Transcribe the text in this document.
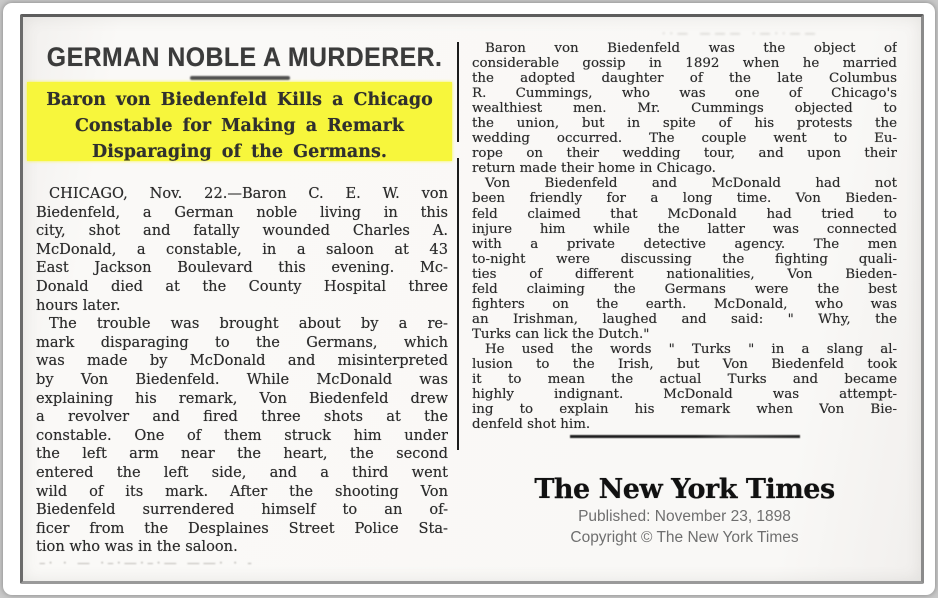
GERMAN NOBLE A MURDERER.
Baron von Biedenfeld Kills a Chicago
Constable for Making a Remark
Disparaging of the Germans.
CHICAGO, Nov. 22.—Baron C. E. W. von
Biedenfeld, a German noble living in this
city, shot and fatally wounded Charles A.
McDonald, a constable, in a saloon at 43
East Jackson Boulevard this evening. Mc-
Donald died at the County Hospital three
hours later.
The trouble was brought about by a re-
mark disparaging to the Germans, which
was made by McDonald and misinterpreted
by Von Biedenfeld. While McDonald was
explaining his remark, Von Biedenfeld drew
a revolver and fired three shots at the
constable. One of them struck him under
the left arm near the heart, the second
entered the left side, and a third went
wild of its mark. After the shooting Von
Biedenfeld surrendered himself to an of-
ficer from the Desplaines Street Police Sta-
tion who was in the saloon.
–· · — ·–·—·–·— ——· · -
··— ——— ·—··——
Baron von Biedenfeld was the object of
considerable gossip in 1892 when he married
the adopted daughter of the late Columbus
R. Cummings, who was one of Chicago's
wealthiest men. Mr. Cummings objected to
the union, but in spite of his protests the
wedding occurred. The couple went to Eu-
rope on their wedding tour, and upon their
return made their home in Chicago.
Von Biedenfeld and McDonald had not
been friendly for a long time. Von Bieden-
feld claimed that McDonald had tried to
injure him while the latter was connected
with a private detective agency. The men
to-night were discussing the fighting quali-
ties of different nationalities, Von Bieden-
feld claiming the Germans were the best
fighters on the earth. McDonald, who was
an Irishman, laughed and said: " Why, the
Turks can lick the Dutch."
He used the words " Turks " in a slang al-
lusion to the Irish, but Von Biedenfeld took
it to mean the actual Turks and became
highly indignant. McDonald was attempt-
ing to explain his remark when Von Bie-
denfeld shot him.
The New York Times
Published: November 23, 1898
Copyright © The New York Times
